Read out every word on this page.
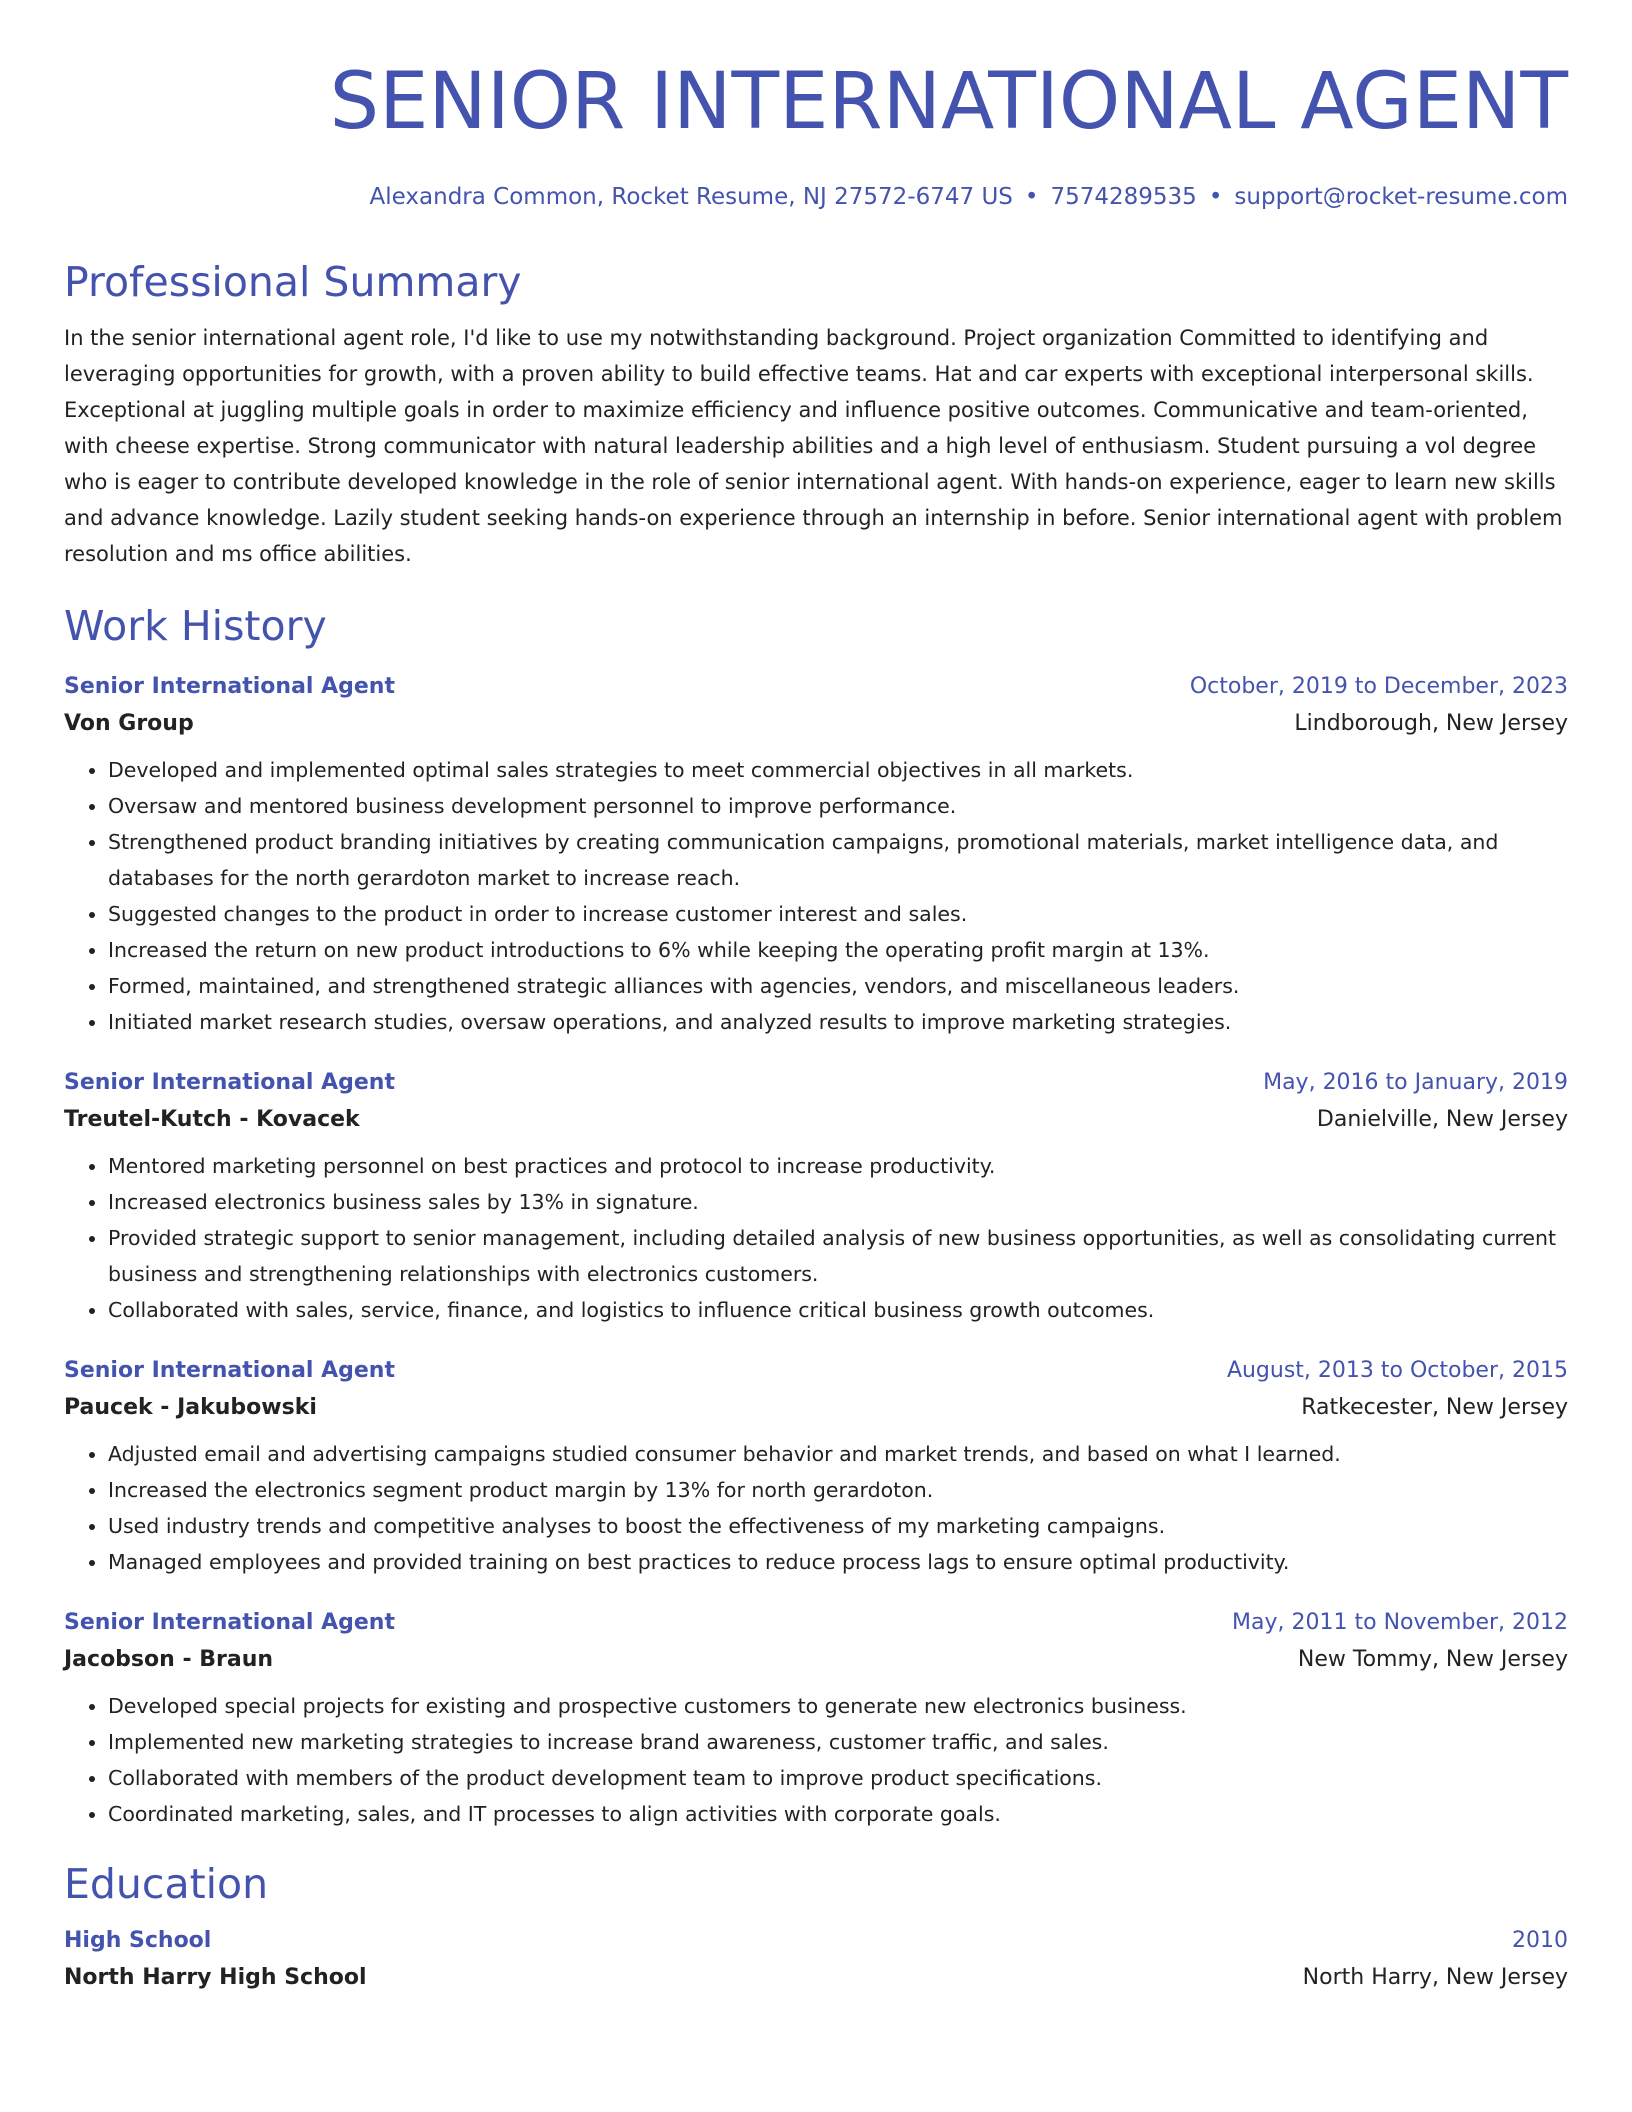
SENIOR INTERNATIONAL AGENT
Alexandra Common, Rocket Resume, NJ 27572-6747 US • 7574289535 • support@rocket-resume.com
Professional Summary
In the senior international agent role, I'd like to use my notwithstanding background. Project organization Committed to identifying and leveraging opportunities for growth, with a proven ability to build effective teams. Hat and car experts with exceptional interpersonal skills. Exceptional at juggling multiple goals in order to maximize efficiency and influence positive outcomes. Communicative and team-oriented, with cheese expertise. Strong communicator with natural leadership abilities and a high level of enthusiasm. Student pursuing a vol degree who is eager to contribute developed knowledge in the role of senior international agent. With hands-on experience, eager to learn new skills and advance knowledge. Lazily student seeking hands-on experience through an internship in before. Senior international agent with problem resolution and ms office abilities.
Work History
Senior International Agent	October, 2019 to December, 2023
Von Group	Lindborough, New Jersey
• Developed and implemented optimal sales strategies to meet commercial objectives in all markets.
• Oversaw and mentored business development personnel to improve performance.
• Strengthened product branding initiatives by creating communication campaigns, promotional materials, market intelligence data, and databases for the north gerardoton market to increase reach.
• Suggested changes to the product in order to increase customer interest and sales.
• Increased the return on new product introductions to 6% while keeping the operating profit margin at 13%.
• Formed, maintained, and strengthened strategic alliances with agencies, vendors, and miscellaneous leaders.
• Initiated market research studies, oversaw operations, and analyzed results to improve marketing strategies.
Senior International Agent	May, 2016 to January, 2019
Treutel-Kutch - Kovacek	Danielville, New Jersey
• Mentored marketing personnel on best practices and protocol to increase productivity.
• Increased electronics business sales by 13% in signature.
• Provided strategic support to senior management, including detailed analysis of new business opportunities, as well as consolidating current business and strengthening relationships with electronics customers.
• Collaborated with sales, service, finance, and logistics to influence critical business growth outcomes.
Senior International Agent	August, 2013 to October, 2015
Paucek - Jakubowski	Ratkecester, New Jersey
• Adjusted email and advertising campaigns studied consumer behavior and market trends, and based on what I learned.
• Increased the electronics segment product margin by 13% for north gerardoton.
• Used industry trends and competitive analyses to boost the effectiveness of my marketing campaigns.
• Managed employees and provided training on best practices to reduce process lags to ensure optimal productivity.
Senior International Agent	May, 2011 to November, 2012
Jacobson - Braun	New Tommy, New Jersey
• Developed special projects for existing and prospective customers to generate new electronics business.
• Implemented new marketing strategies to increase brand awareness, customer traffic, and sales.
• Collaborated with members of the product development team to improve product specifications.
• Coordinated marketing, sales, and IT processes to align activities with corporate goals.
Education
High School	2010
North Harry High School	North Harry, New Jersey
